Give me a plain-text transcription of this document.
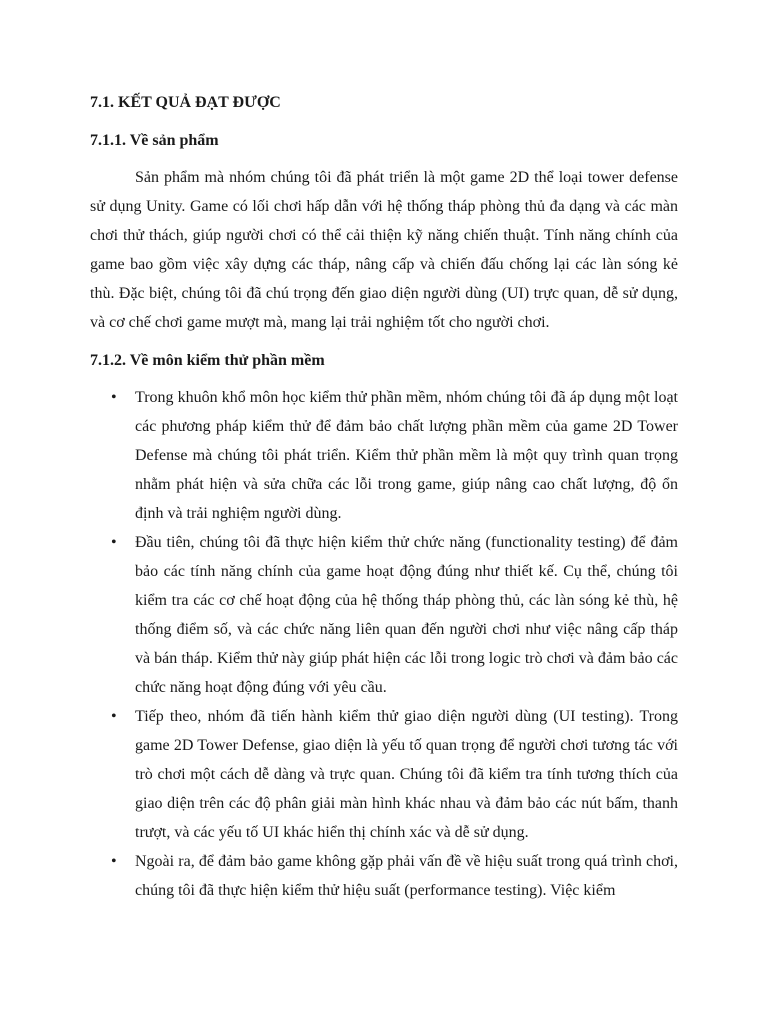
7.1. KẾT QUẢ ĐẠT ĐƯỢC
7.1.1. Về sản phẩm

Sản phẩm mà nhóm chúng tôi đã phát triển là một game 2D thể loại tower defense sử dụng Unity. Game có lối chơi hấp dẫn với hệ thống tháp phòng thủ đa dạng và các màn chơi thử thách, giúp người chơi có thể cải thiện kỹ năng chiến thuật. Tính năng chính của game bao gồm việc xây dựng các tháp, nâng cấp và chiến đấu chống lại các làn sóng kẻ thù. Đặc biệt, chúng tôi đã chú trọng đến giao diện người dùng (UI) trực quan, dễ sử dụng, và cơ chế chơi game mượt mà, mang lại trải nghiệm tốt cho người chơi.

7.1.2. Về môn kiểm thử phần mềm
• Trong khuôn khổ môn học kiểm thử phần mềm, nhóm chúng tôi đã áp dụng một loạt các phương pháp kiểm thử để đảm bảo chất lượng phần mềm của game 2D Tower Defense mà chúng tôi phát triển. Kiểm thử phần mềm là một quy trình quan trọng nhằm phát hiện và sửa chữa các lỗi trong game, giúp nâng cao chất lượng, độ ổn định và trải nghiệm người dùng.
• Đầu tiên, chúng tôi đã thực hiện kiểm thử chức năng (functionality testing) để đảm bảo các tính năng chính của game hoạt động đúng như thiết kế. Cụ thể, chúng tôi kiểm tra các cơ chế hoạt động của hệ thống tháp phòng thủ, các làn sóng kẻ thù, hệ thống điểm số, và các chức năng liên quan đến người chơi như việc nâng cấp tháp và bán tháp. Kiểm thử này giúp phát hiện các lỗi trong logic trò chơi và đảm bảo các chức năng hoạt động đúng với yêu cầu.
• Tiếp theo, nhóm đã tiến hành kiểm thử giao diện người dùng (UI testing). Trong game 2D Tower Defense, giao diện là yếu tố quan trọng để người chơi tương tác với trò chơi một cách dễ dàng và trực quan. Chúng tôi đã kiểm tra tính tương thích của giao diện trên các độ phân giải màn hình khác nhau và đảm bảo các nút bấm, thanh trượt, và các yếu tố UI khác hiển thị chính xác và dễ sử dụng.
• Ngoài ra, để đảm bảo game không gặp phải vấn đề về hiệu suất trong quá trình chơi, chúng tôi đã thực hiện kiểm thử hiệu suất (performance testing). Việc kiểm
